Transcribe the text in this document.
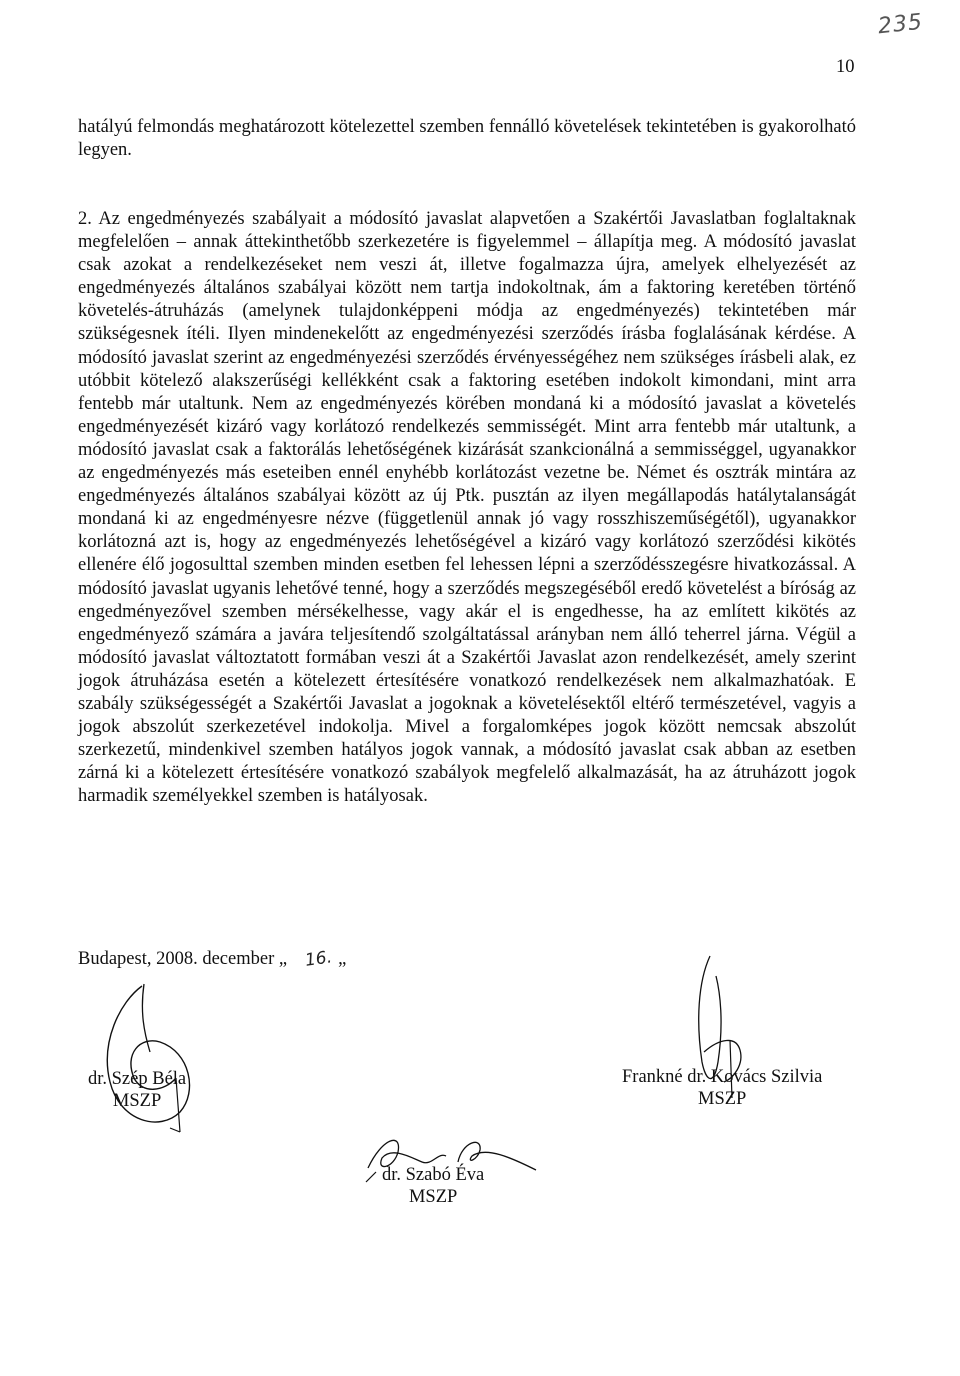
235
10

hatályú felmondás meghatározott kötelezettel szemben fennálló követelések tekintetében is gyakorolható legyen.

2. Az engedményezés szabályait a módosító javaslat alapvetően a Szakértői Javaslatban foglaltaknak megfelelően – annak áttekinthetőbb szerkezetére is figyelemmel – állapítja meg. A módosító javaslat csak azokat a rendelkezéseket nem veszi át, illetve fogalmazza újra, amelyek elhelyezését az engedményezés általános szabályai között nem tartja indokoltnak, ám a faktoring keretében történő követelés-átruházás (amelynek tulajdonképpeni módja az engedményezés) tekintetében már szükségesnek ítéli. Ilyen mindenekelőtt az engedményezési szerződés írásba foglalásának kérdése. A módosító javaslat szerint az engedményezési szerződés érvényességéhez nem szükséges írásbeli alak, ez utóbbit kötelező alakszerűségi kellékként csak a faktoring esetében indokolt kimondani, mint arra fentebb már utaltunk. Nem az engedményezés körében mondaná ki a módosító javaslat a követelés engedményezését kizáró vagy korlátozó rendelkezés semmisségét. Mint arra fentebb már utaltunk, a módosító javaslat csak a faktorálás lehetőségének kizárását szankcionálná a semmisséggel, ugyanakkor az engedményezés más eseteiben ennél enyhébb korlátozást vezetne be. Német és osztrák mintára az engedményezés általános szabályai között az új Ptk. pusztán az ilyen megállapodás hatálytalanságát mondaná ki az engedményesre nézve (függetlenül annak jó vagy rosszhiszeműségétől), ugyanakkor korlátozná azt is, hogy az engedményezés lehetőségével a kizáró vagy korlátozó szerződési kikötés ellenére élő jogosulttal szemben minden esetben fel lehessen lépni a szerződésszegésre hivatkozással. A módosító javaslat ugyanis lehetővé tenné, hogy a szerződés megszegéséből eredő követelést a bíróság az engedményezővel szemben mérsékelhesse, vagy akár el is engedhesse, ha az említett kikötés az engedményező számára a javára teljesítendő szolgáltatással arányban nem álló teherrel járna. Végül a módosító javaslat változtatott formában veszi át a Szakértői Javaslat azon rendelkezését, amely szerint jogok átruházása esetén a kötelezett értesítésére vonatkozó rendelkezések nem alkalmazhatóak. E szabály szükségességét a Szakértői Javaslat a jogoknak a követelésektől eltérő természetével, vagyis a jogok abszolút szerkezetével indokolja. Mivel a forgalomképes jogok között nemcsak abszolút szerkezetű, mindenkivel szemben hatályos jogok vannak, a módosító javaslat csak abban az esetben zárná ki a kötelezett értesítésére vonatkozó szabályok megfelelő alkalmazását, ha az átruházott jogok harmadik személyekkel szemben is hatályosak.

Budapest, 2008. december „ 16. „
dr. Szép Béla
MSZP
Frankné dr. Kovács Szilvia
MSZP
dr. Szabó Éva
MSZP
